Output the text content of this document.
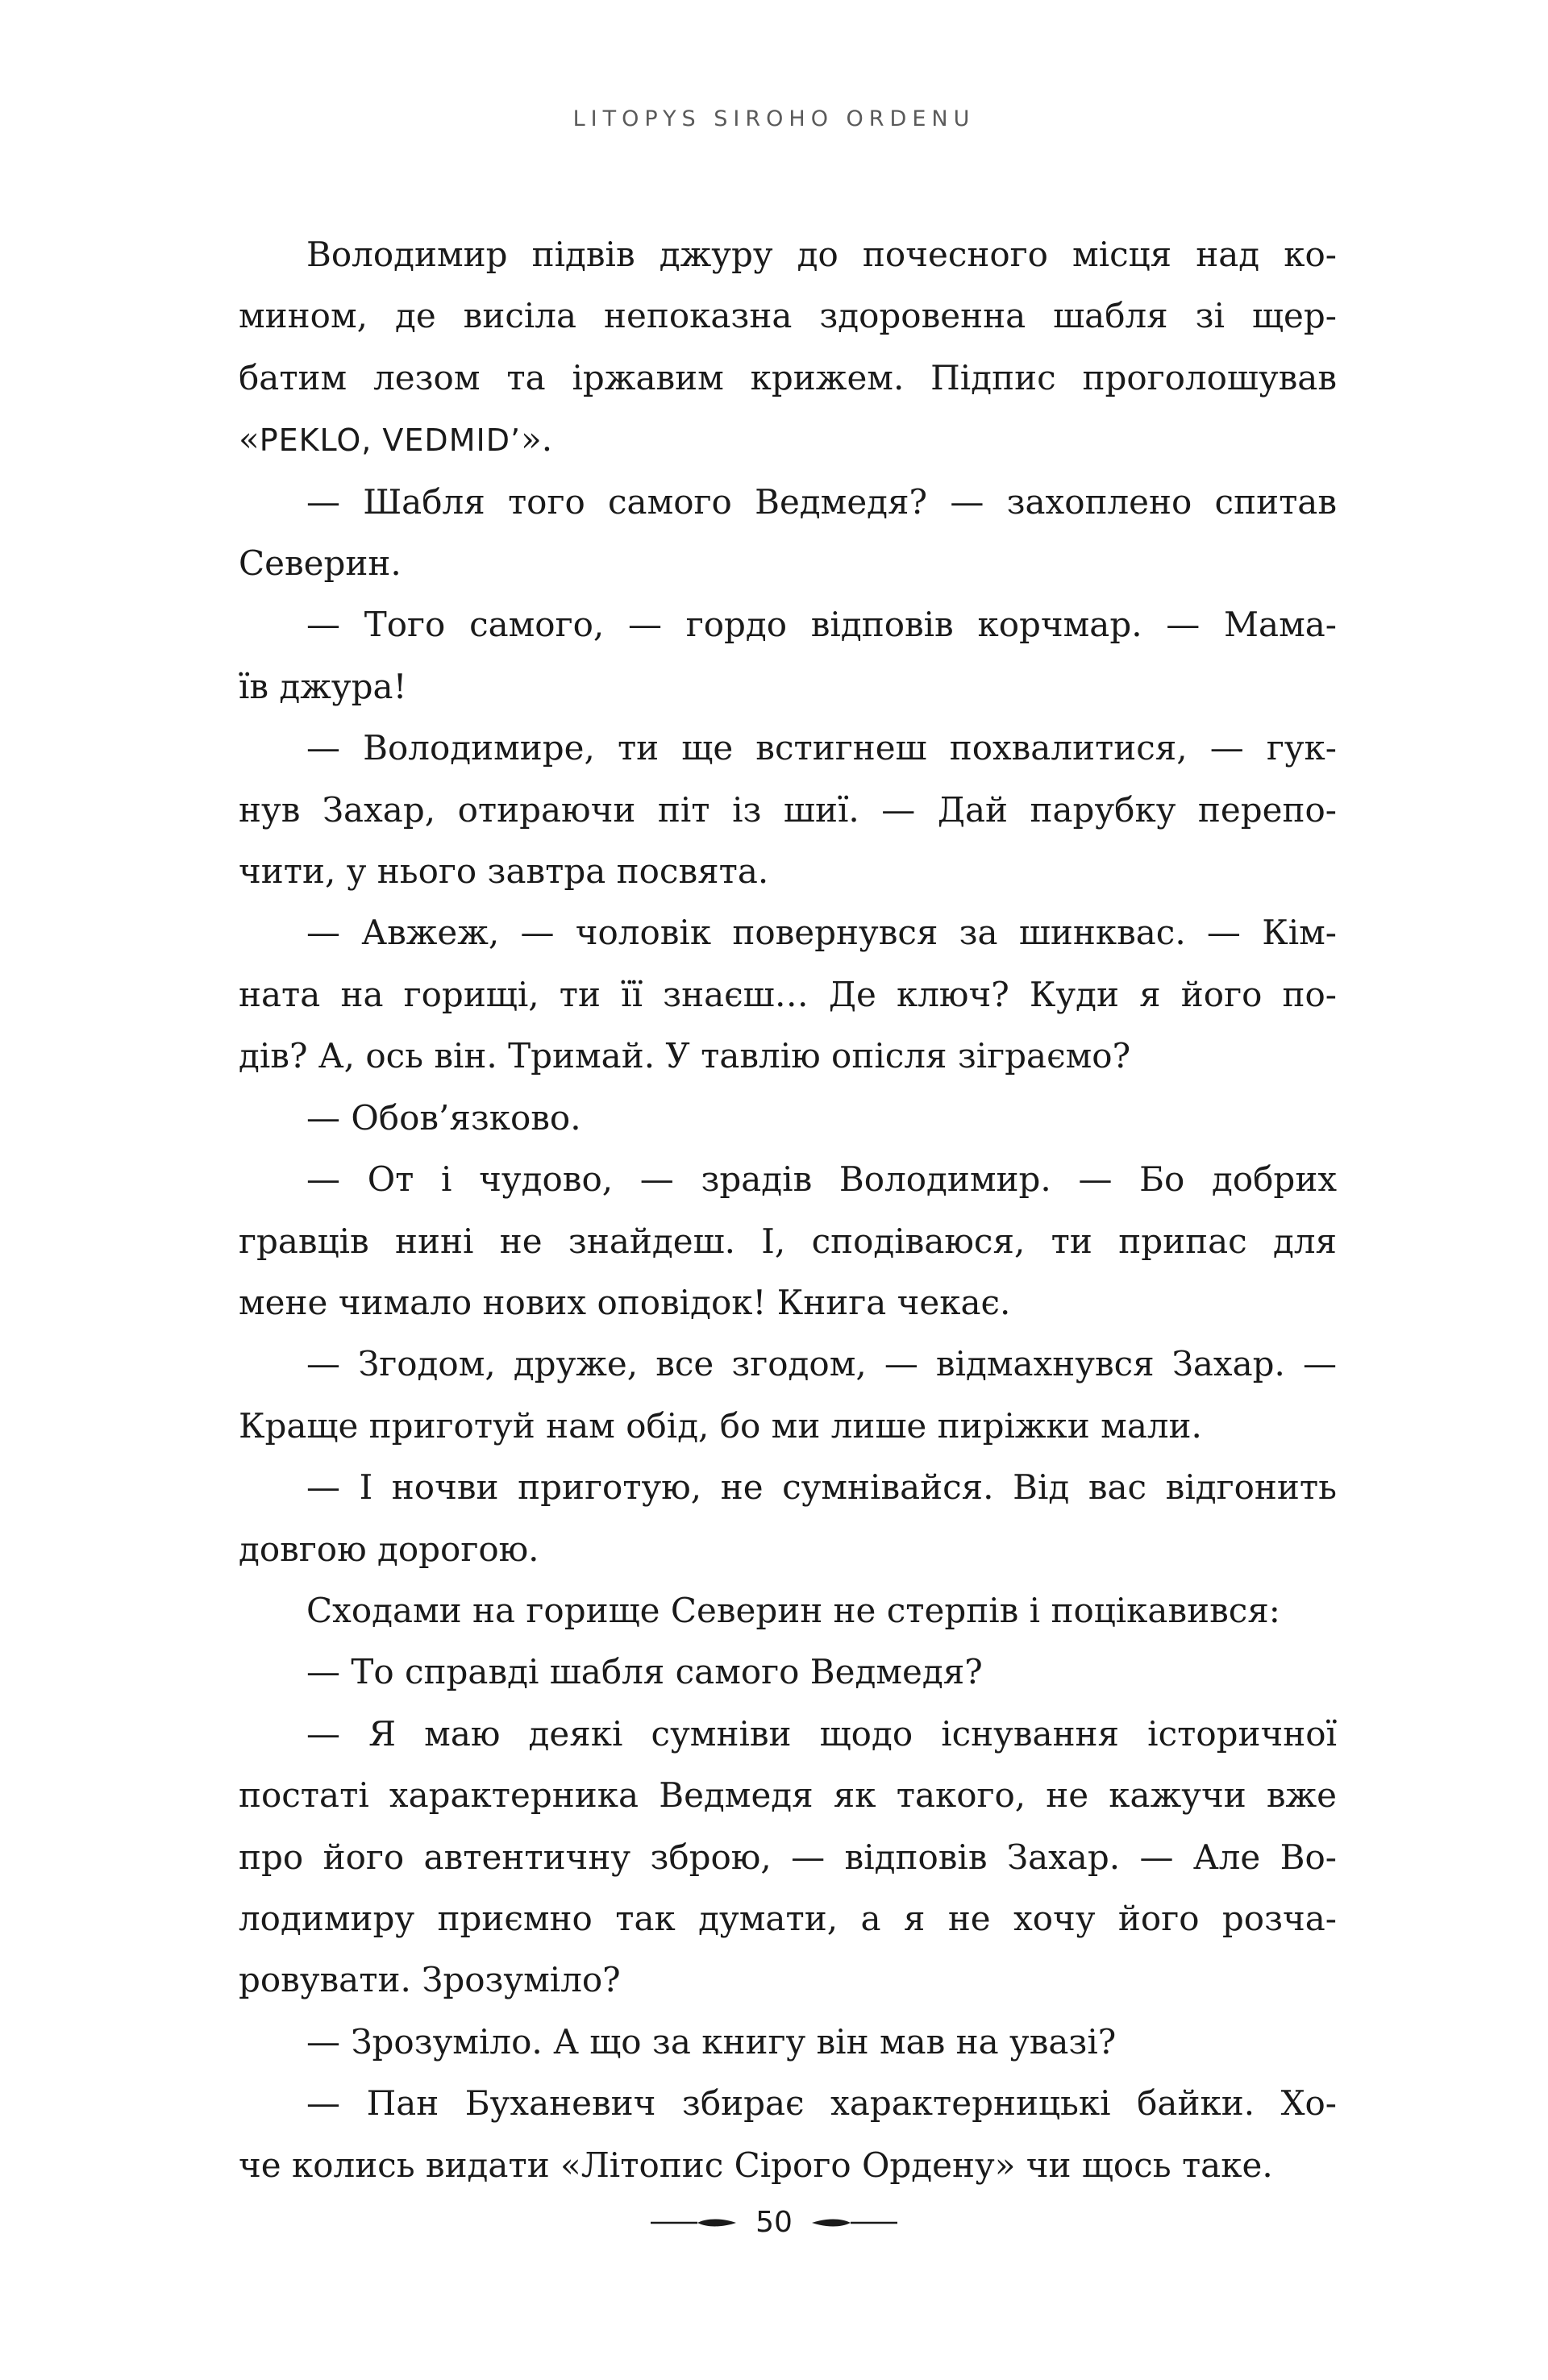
LITOPYS SIROHO ORDENU
Володимир підвів джуру до почесного місця над ко-
мином, де висіла непоказна здоровенна шабля зі щер-
батим лезом та іржавим крижем. Підпис проголошував
«PEKLO, VEDMID’».
— Шабля того самого Ведмедя? — захоплено спитав
Северин.
— Того самого, — гордо відповів корчмар. — Мама-
їв джура!
— Володимире, ти ще встигнеш похвалитися, — гук-
нув Захар, отираючи піт із шиї. — Дай парубку перепо-
чити, у нього завтра посвята.
— Авжеж, — чоловік повернувся за шинквас. — Кім-
ната на горищі, ти її знаєш… Де ключ? Куди я його по-
дів? А, ось він. Тримай. У тавлію опісля зіграємо?
— Обов’язково.
— От і чудово, — зрадів Володимир. — Бо добрих
гравців нині не знайдеш. І, сподіваюся, ти припас для
мене чимало нових оповідок! Книга чекає.
— Згодом, друже, все згодом, — відмахнувся Захар. —
Краще приготуй нам обід, бо ми лише пиріжки мали.
— І ночви приготую, не сумнівайся. Від вас відгонить
довгою дорогою.
Сходами на горище Северин не стерпів і поцікавився:
— То справді шабля самого Ведмедя?
— Я маю деякі сумніви щодо існування історичної
постаті характерника Ведмедя як такого, не кажучи вже
про його автентичну зброю, — відповів Захар. — Але Во-
лодимиру приємно так думати, а я не хочу його розча-
ровувати. Зрозуміло?
— Зрозуміло. А що за книгу він мав на увазі?
— Пан Буханевич збирає характерницькі байки. Хо-
че колись видати «Літопис Сірого Ордену» чи щось таке.
50
